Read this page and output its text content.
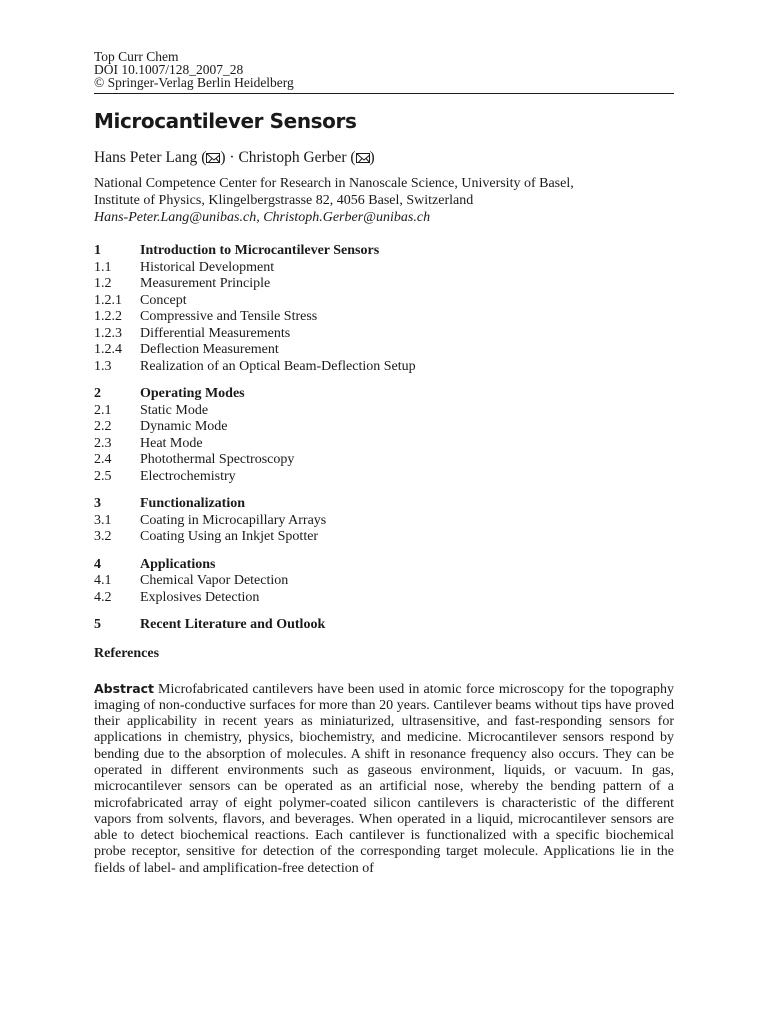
Top Curr Chem
DOI 10.1007/128_2007_28
© Springer-Verlag Berlin Heidelberg
Microcantilever Sensors
Hans Peter Lang ( ) · Christoph Gerber ( )
National Competence Center for Research in Nanoscale Science, University of Basel,
Institute of Physics, Klingelbergstrasse 82, 4056 Basel, Switzerland
Hans-Peter.Lang@unibas.ch, Christoph.Gerber@unibas.ch
1	Introduction to Microcantilever Sensors
1.1	Historical Development
1.2	Measurement Principle
1.2.1	Concept
1.2.2	Compressive and Tensile Stress
1.2.3	Differential Measurements
1.2.4	Deflection Measurement
1.3	Realization of an Optical Beam-Deflection Setup
2	Operating Modes
2.1	Static Mode
2.2	Dynamic Mode
2.3	Heat Mode
2.4	Photothermal Spectroscopy
2.5	Electrochemistry
3	Functionalization
3.1	Coating in Microcapillary Arrays
3.2	Coating Using an Inkjet Spotter
4	Applications
4.1	Chemical Vapor Detection
4.2	Explosives Detection
5	Recent Literature and Outlook
References
Abstract Microfabricated cantilevers have been used in atomic force microscopy for the topography imaging of non-conductive surfaces for more than 20 years. Cantilever beams without tips have proved their applicability in recent years as miniaturized, ultrasensitive, and fast-responding sensors for applications in chemistry, physics, biochemistry, and medicine. Microcantilever sensors respond by bending due to the absorption of molecules. A shift in resonance frequency also occurs. They can be operated in different environments such as gaseous environment, liquids, or vacuum. In gas, microcantilever sensors can be operated as an artificial nose, whereby the bending pattern of a microfabricated array of eight polymer-coated silicon cantilevers is characteristic of the different vapors from solvents, flavors, and beverages. When operated in a liquid, microcantilever sensors are able to detect biochemical reactions. Each cantilever is functionalized with a specific biochemical probe receptor, sensitive for detection of the corresponding target molecule. Applications lie in the fields of label- and amplification-free detection of
